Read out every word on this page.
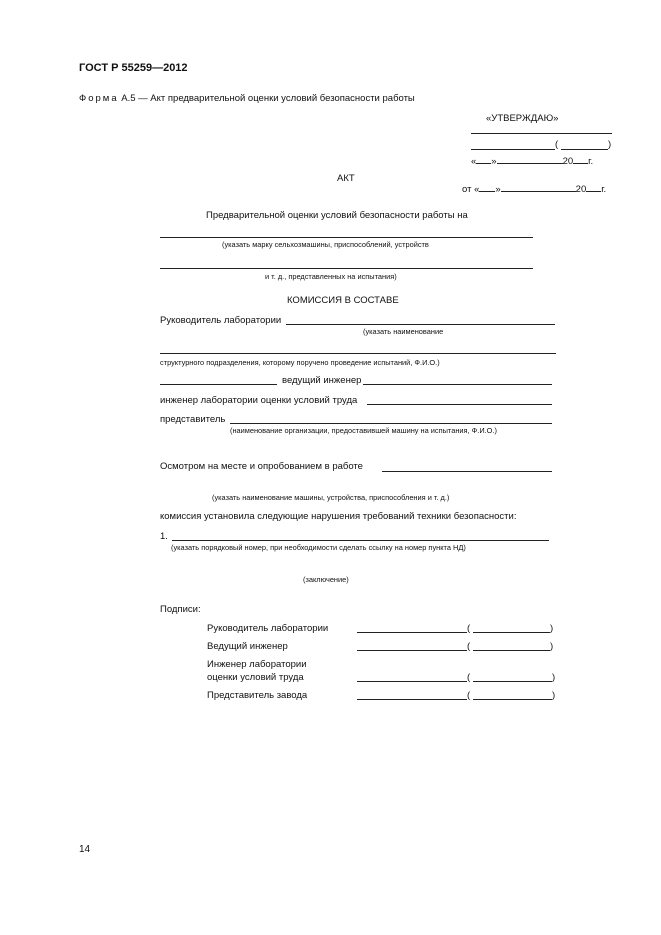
ГОСТ Р 55259—2012
Форма А.5 — Акт предварительной оценки условий безопасности работы
«УТВЕРЖДАЮ»
(	)
« »	20 г.
АКТ
от « »	20 г.
Предварительной оценки условий безопасности работы на
(указать марку сельхозмашины, приспособлений, устройств
и т. д., представленных на испытания)
КОМИССИЯ В СОСТАВЕ
Руководитель лаборатории
(указать наименование
структурного подразделения, которому поручено проведение испытаний, Ф.И.О.)
ведущий инженер
инженер лаборатории оценки условий труда
представитель
(наименование организации, предоставившей машину на испытания, Ф.И.О.)
Осмотром на месте и опробованием в работе
(указать наименование машины, устройства, приспособления и т. д.)
комиссия установила следующие нарушения требований техники безопасности:
1.
(указать порядковый номер, при необходимости сделать ссылку на номер пункта НД)
(заключение)
Подписи:
Руководитель лаборатории	(	)
Ведущий инженер	(	)
Инженер лаборатории
оценки условий труда	(	)
Представитель завода	(	)
14
